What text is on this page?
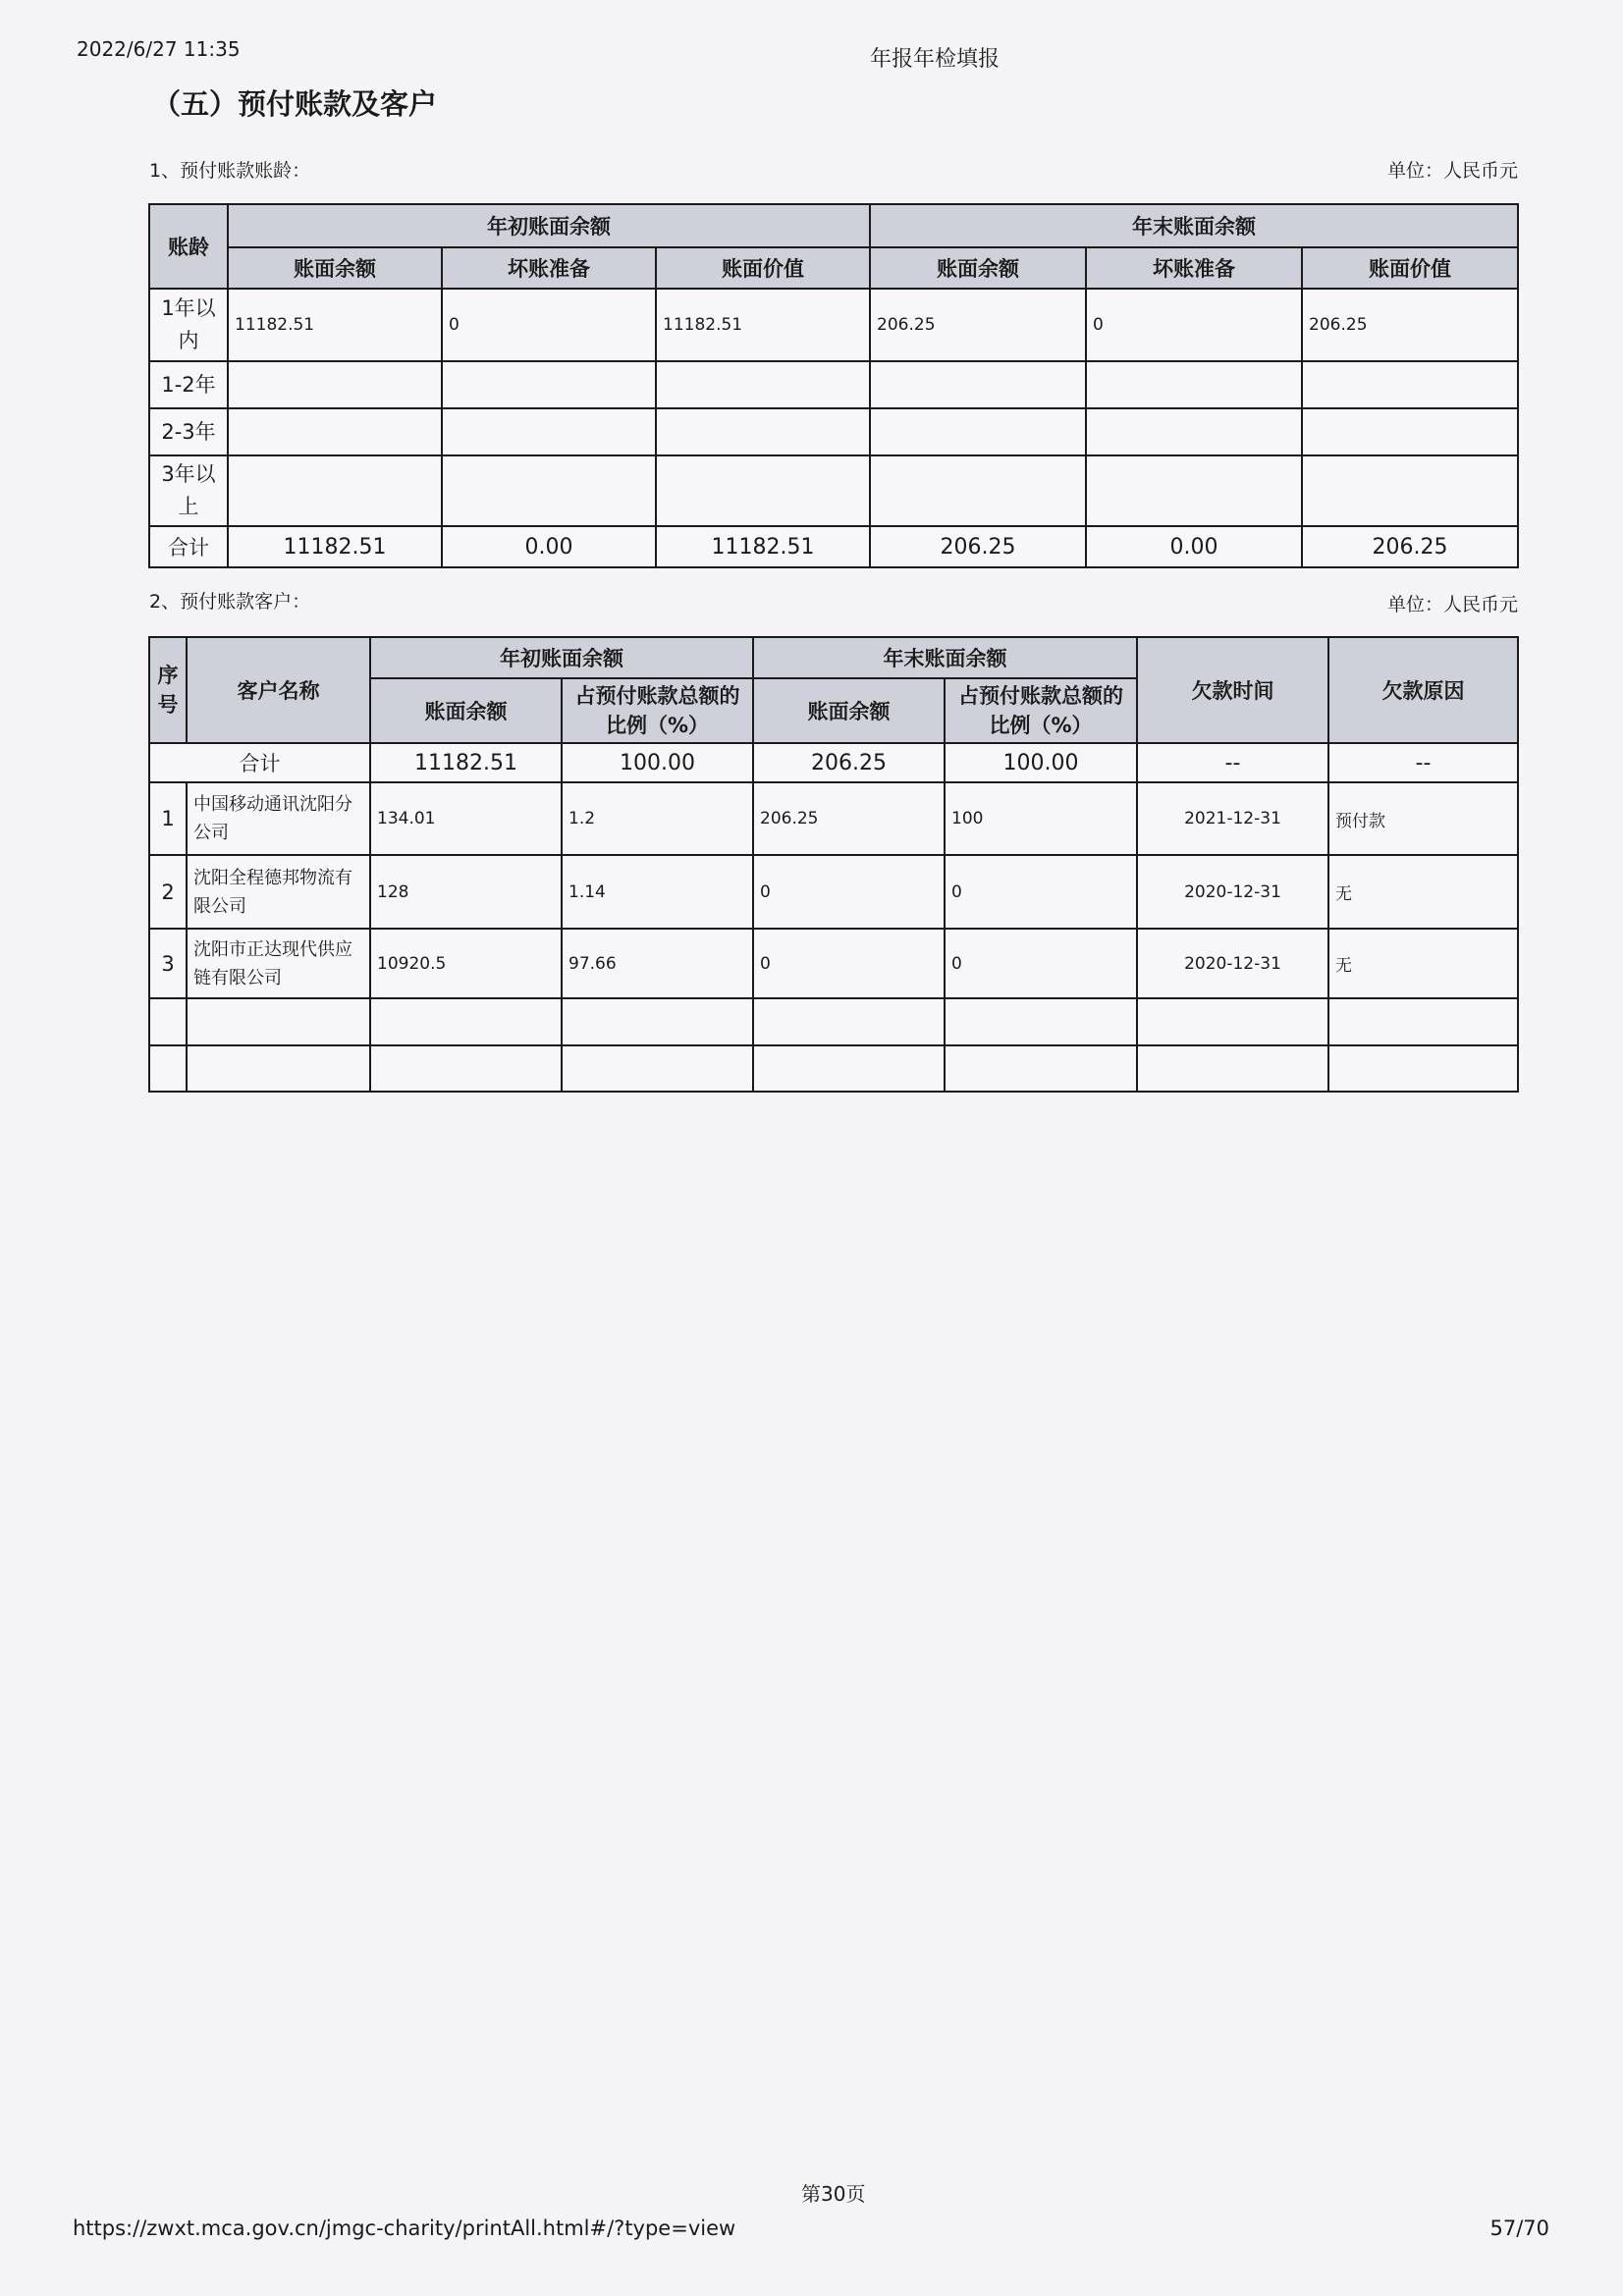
2022/6/27 11:35	年报年检填报
（五）预付账款及客户
1、预付账款账龄：	单位：人民币元
账龄	年初账面余额			年末账面余额		
	账面余额	坏账准备	账面价值	账面余额	坏账准备	账面价值
1年以内	11182.51	0	11182.51	206.25	0	206.25
1-2年						
2-3年						
3年以上						
合计	11182.51	0.00	11182.51	206.25	0.00	206.25
2、预付账款客户：	单位：人民币元
序号	客户名称	年初账面余额		年末账面余额		欠款时间	欠款原因
		账面余额	占预付账款总额的比例（%）	账面余额	占预付账款总额的比例（%）		
合计		11182.51	100.00	206.25	100.00	--	--
1	中国移动通讯沈阳分公司	134.01	1.2	206.25	100	2021-12-31	预付款
2	沈阳全程德邦物流有限公司	128	1.14	0	0	2020-12-31	无
3	沈阳市正达现代供应链有限公司	10920.5	97.66	0	0	2020-12-31	无

第30页
https://zwxt.mca.gov.cn/jmgc-charity/printAll.html#/?type=view	57/70
